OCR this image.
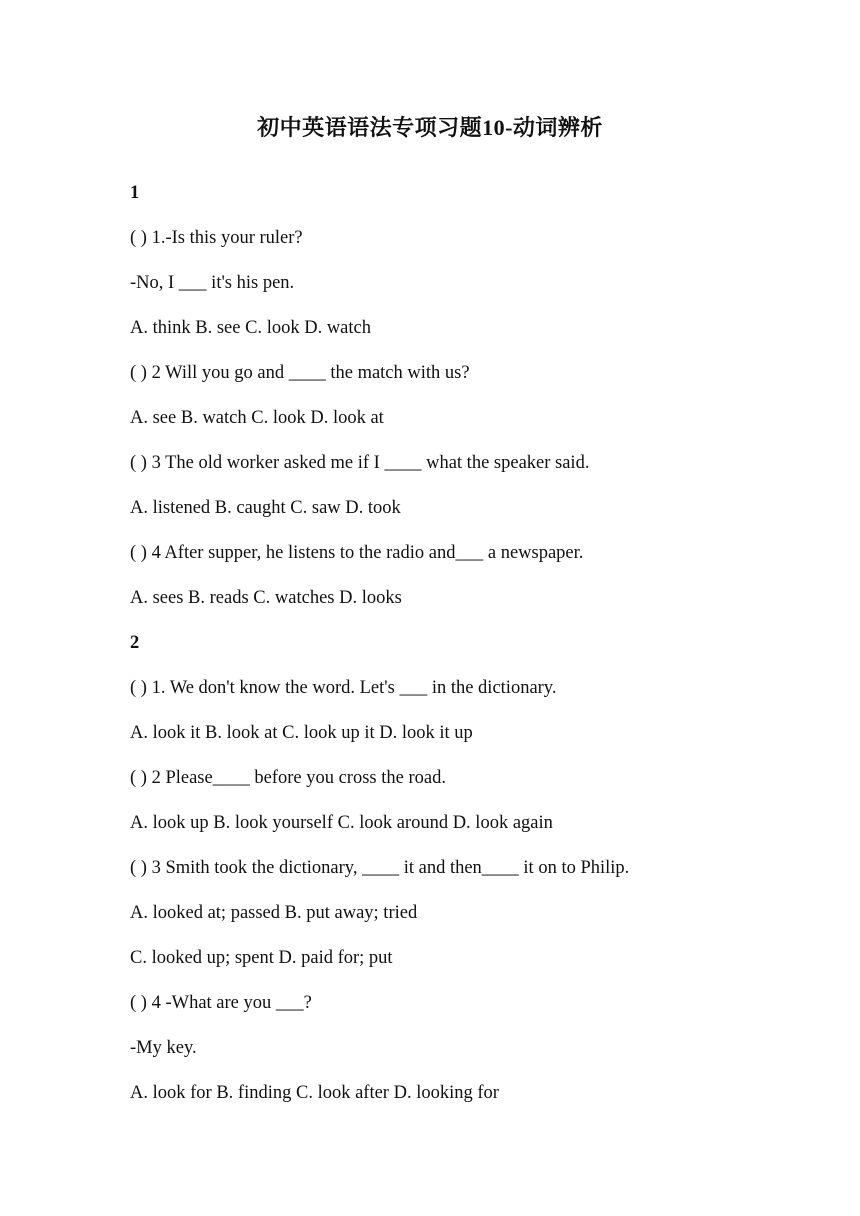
初中英语语法专项习题10-动词辨析
1
( ) 1.-Is this your ruler?
-No, I ___ it's his pen.
A. think B. see C. look D. watch
( ) 2 Will you go and ____ the match with us?
A. see B. watch C. look D. look at
( ) 3 The old worker asked me if I ____ what the speaker said.
A. listened B. caught C. saw D. took
( ) 4 After supper, he listens to the radio and___ a newspaper.
A. sees B. reads C. watches D. looks
2
( ) 1. We don't know the word. Let's ___ in the dictionary.
A. look it B. look at C. look up it D. look it up
( ) 2 Please____ before you cross the road.
A. look up B. look yourself C. look around D. look again
( ) 3 Smith took the dictionary, ____ it and then____ it on to Philip.
A. looked at; passed B. put away; tried
C. looked up; spent D. paid for; put
( ) 4 -What are you ___?
-My key.
A. look for B. finding C. look after D. looking for
